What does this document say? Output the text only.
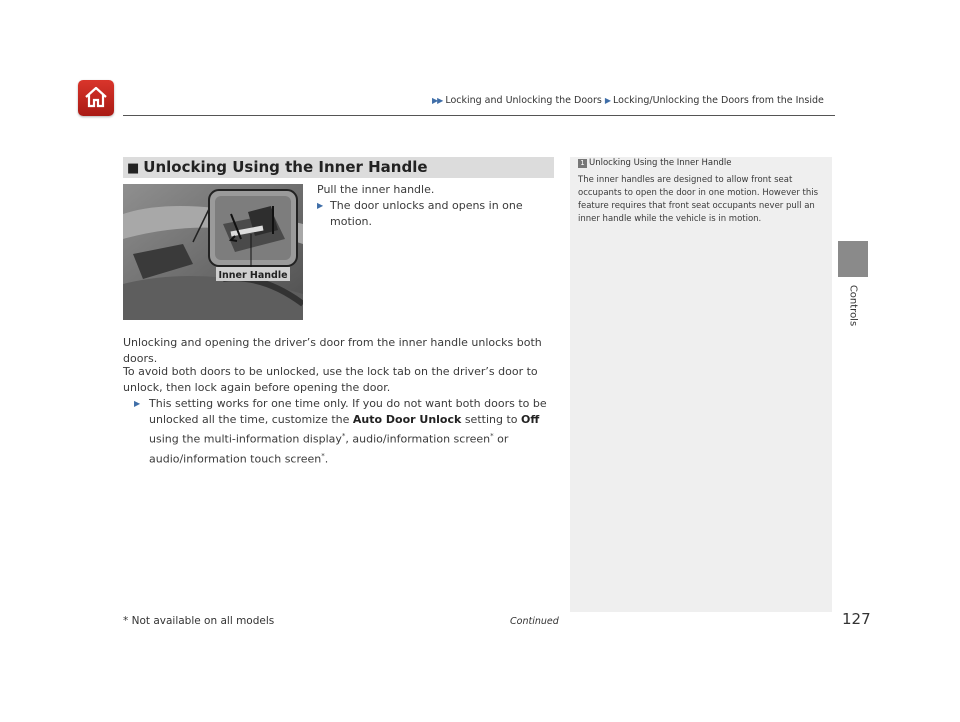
▶▶ Locking and Unlocking the Doors ▶ Locking/Unlocking the Doors from the Inside
Controls
■ Unlocking Using the Inner Handle
Inner Handle
Pull the inner handle.
▶ The door unlocks and opens in one motion.
Unlocking and opening the driver’s door from the inner handle unlocks both doors.
To avoid both doors to be unlocked, use the lock tab on the driver’s door to unlock, then lock again before opening the door.
▶ This setting works for one time only. If you do not want both doors to be unlocked all the time, customize the Auto Door Unlock setting to Off using the multi-information display*, audio/information screen* or audio/information touch screen*.
1 Unlocking Using the Inner Handle
The inner handles are designed to allow front seat occupants to open the door in one motion. However this feature requires that front seat occupants never pull an inner handle while the vehicle is in motion.
* Not available on all models	Continued	127
